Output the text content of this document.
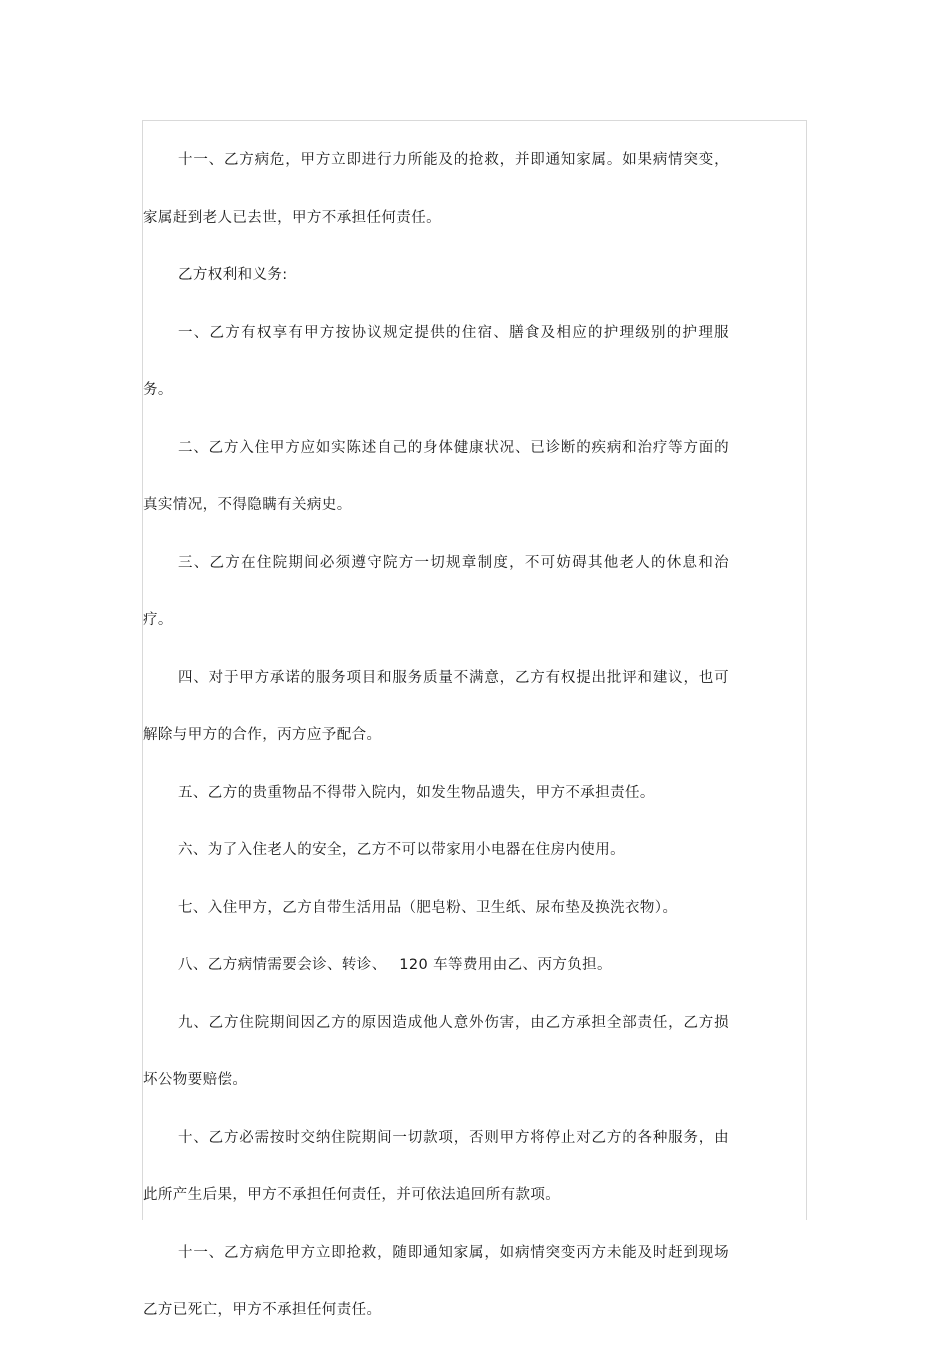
十一、乙方病危，甲方立即进行力所能及的抢救，并即通知家属。如果病情突变，家属赶到老人已去世，甲方不承担任何责任。

乙方权利和义务:

一、乙方有权享有甲方按协议规定提供的住宿、膳食及相应的护理级别的护理服务。

二、乙方入住甲方应如实陈述自己的身体健康状况、已诊断的疾病和治疗等方面的真实情况，不得隐瞒有关病史。

三、乙方在住院期间必须遵守院方一切规章制度，不可妨碍其他老人的休息和治疗。

四、对于甲方承诺的服务项目和服务质量不满意，乙方有权提出批评和建议，也可解除与甲方的合作，丙方应予配合。

五、乙方的贵重物品不得带入院内，如发生物品遗失，甲方不承担责任。

六、为了入住老人的安全，乙方不可以带家用小电器在住房内使用。

七、入住甲方，乙方自带生活用品（肥皂粉、卫生纸、尿布垫及换洗衣物）。

八、乙方病情需要会诊、转诊、　 120 车等费用由乙、丙方负担。

九、乙方住院期间因乙方的原因造成他人意外伤害，由乙方承担全部责任，乙方损坏公物要赔偿。

十、乙方必需按时交纳住院期间一切款项，否则甲方将停止对乙方的各种服务，由此所产生后果，甲方不承担任何责任，并可依法追回所有款项。

十一、乙方病危甲方立即抢救，随即通知家属，如病情突变丙方未能及时赶到现场乙方已死亡，甲方不承担任何责任。
